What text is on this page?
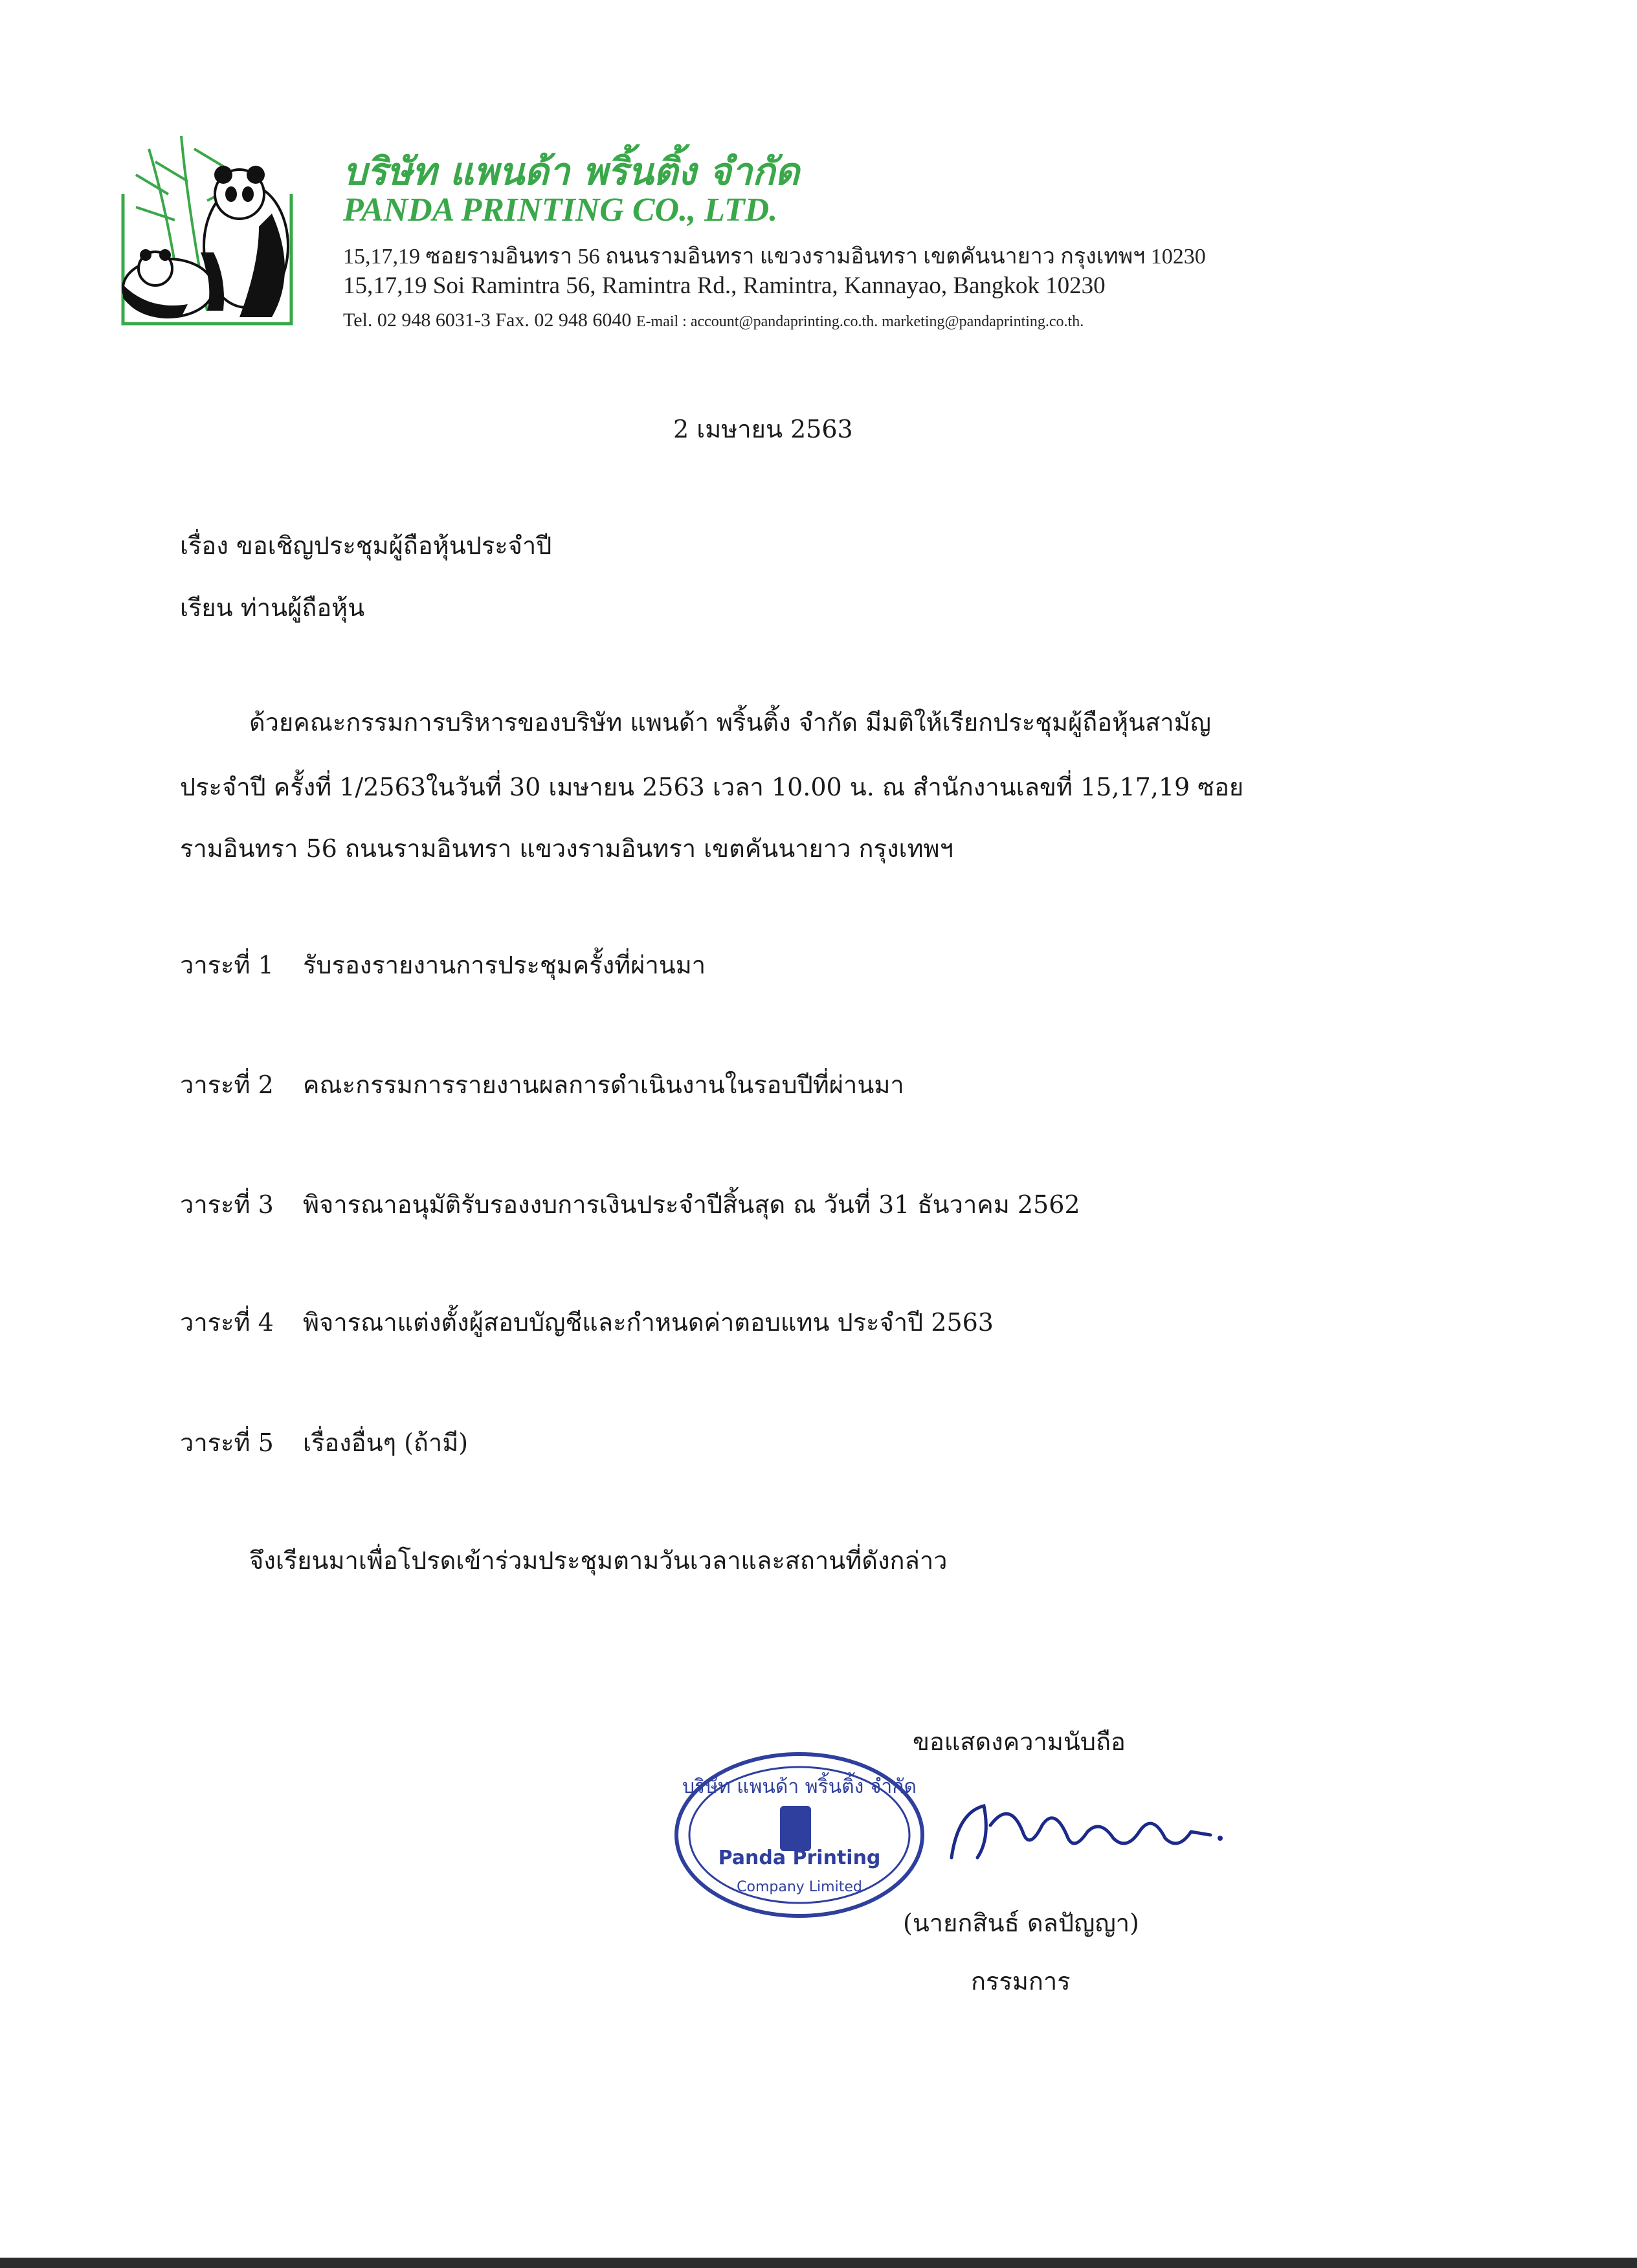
บริษัท แพนด้า พริ้นติ้ง จำกัด
PANDA PRINTING CO., LTD.
15,17,19 ซอยรามอินทรา 56 ถนนรามอินทรา แขวงรามอินทรา เขตคันนายาว กรุงเทพฯ 10230
15,17,19 Soi Ramintra 56, Ramintra Rd., Ramintra, Kannayao, Bangkok 10230
Tel. 02 948 6031-3 Fax. 02 948 6040 E-mail : account@pandaprinting.co.th. marketing@pandaprinting.co.th.
2 เมษายน 2563
เรื่อง ขอเชิญประชุมผู้ถือหุ้นประจำปี
เรียน ท่านผู้ถือหุ้น
ด้วยคณะกรรมการบริหารของบริษัท แพนด้า พริ้นติ้ง จำกัด มีมติให้เรียกประชุมผู้ถือหุ้นสามัญ
ประจำปี ครั้งที่ 1/2563ในวันที่ 30 เมษายน 2563 เวลา 10.00 น. ณ สำนักงานเลขที่ 15,17,19 ซอย
รามอินทรา 56 ถนนรามอินทรา แขวงรามอินทรา เขตคันนายาว กรุงเทพฯ
วาระที่ 1 รับรองรายงานการประชุมครั้งที่ผ่านมา
วาระที่ 2 คณะกรรมการรายงานผลการดำเนินงานในรอบปีที่ผ่านมา
วาระที่ 3 พิจารณาอนุมัติรับรองงบการเงินประจำปีสิ้นสุด ณ วันที่ 31 ธันวาคม 2562
วาระที่ 4 พิจารณาแต่งตั้งผู้สอบบัญชีและกำหนดค่าตอบแทน ประจำปี 2563
วาระที่ 5 เรื่องอื่นๆ (ถ้ามี)
จึงเรียนมาเพื่อโปรดเข้าร่วมประชุมตามวันเวลาและสถานที่ดังกล่าว
ขอแสดงความนับถือ
บริษัท แพนด้า พริ้นติ้ง จำกัด
Panda Printing
Company Limited
(นายกสินธ์ ดลปัญญา)
กรรมการ
